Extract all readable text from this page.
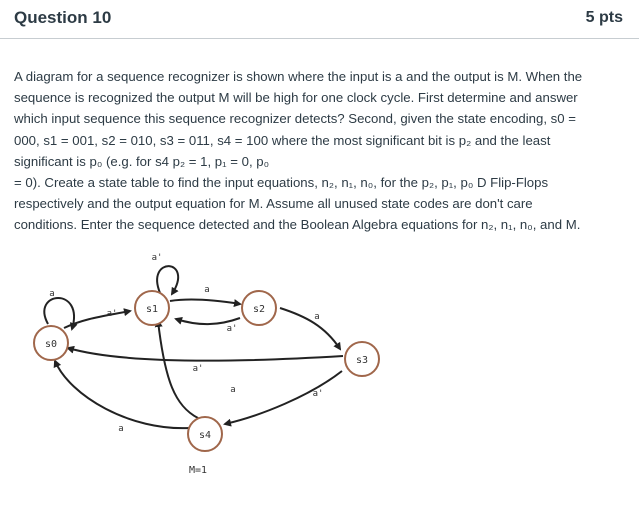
Question 10	5 pts
A diagram for a sequence recognizer is shown where the input is a and the output is M. When the
sequence is recognized the output M will be high for one clock cycle. First determine and answer
which input sequence this sequence recognizer detects? Second, given the state encoding, s0 =
000, s1 = 001, s2 = 010, s3 = 011, s4 = 100 where the most significant bit is p₂ and the least
significant is p₀ (e.g. for s4 p₂ = 1, p₁ = 0, p₀
= 0). Create a state table to find the input equations, n₂, n₁, n₀, for the p₂, p₁, p₀ D Flip-Flops
respectively and the output equation for M. Assume all unused state codes are don't care
conditions. Enter the sequence detected and the Boolean Algebra equations for n₂, n₁, n₀, and M.
s0
s1	s2
s3
s4
M=1
a
a'
a'
a
a'
a
a'
a	a'
a
